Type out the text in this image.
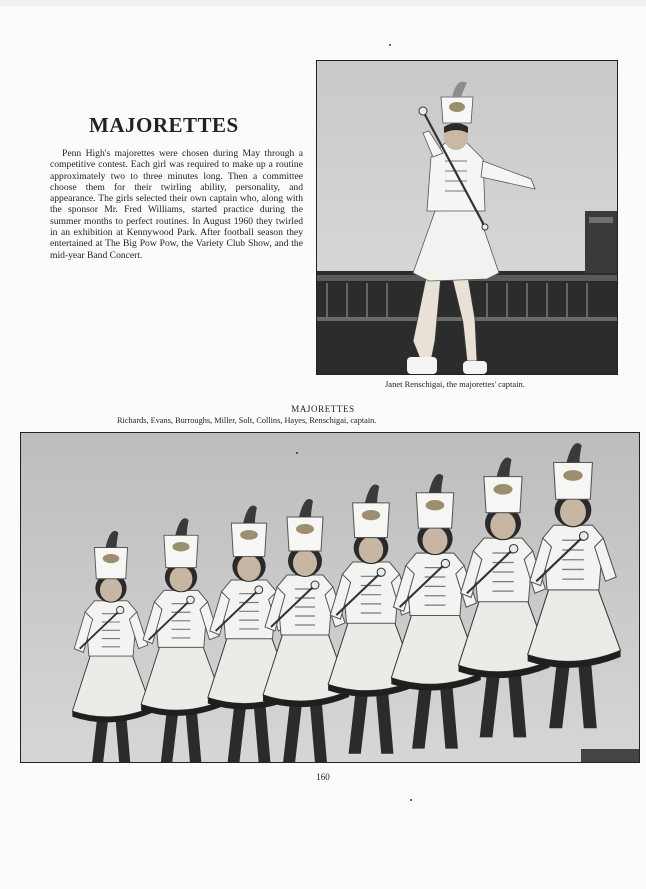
MAJORETTES

Penn High's majorettes were chosen during May through a competitive contest. Each girl was required to make up a routine approximately two to three minutes long. Then a committee choose them for their twirling ability, personality, and appearance. The girls selected their own captain who, along with the sponsor Mr. Fred Williams, started practice during the summer months to perfect routines. In August 1960 they twirled in an exhibition at Kennywood Park. After football season they entertained at The Big Pow Pow, the Variety Club Show, and the mid-year Band Concert.

Janet Renschigai, the majorettes' captain.

MAJORETTES

Richards, Evans, Burroughs, Miller, Solt, Collins, Hayes, Renschigai, captain.

160
